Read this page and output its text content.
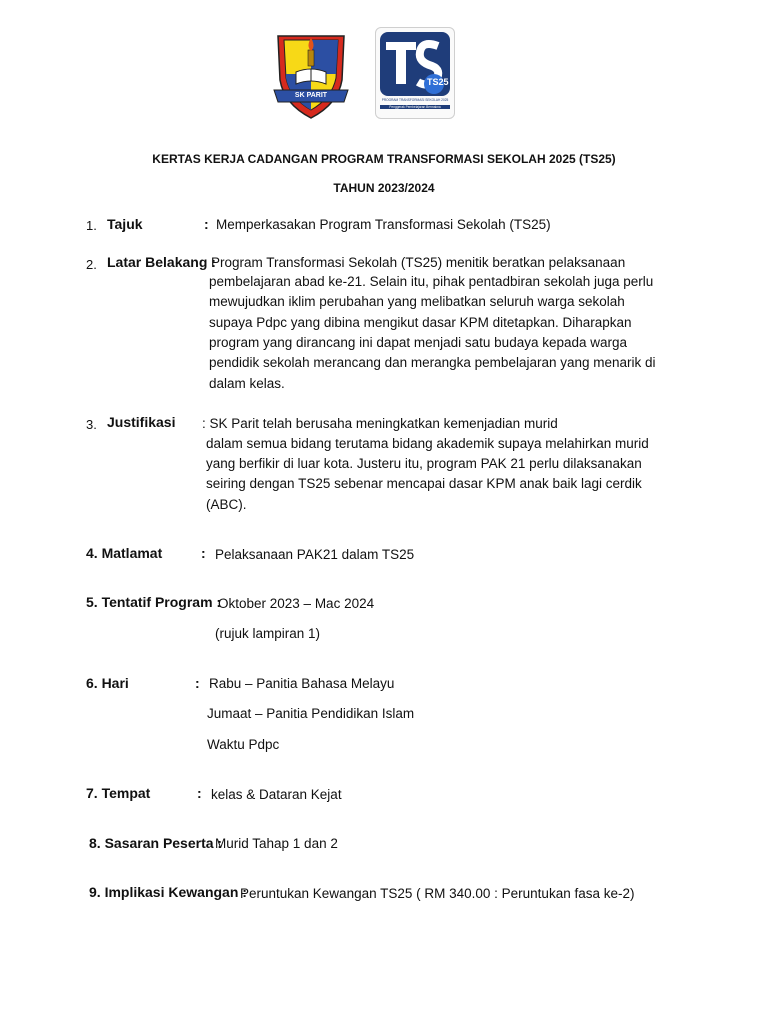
SK PARIT
TS25
PROGRAM TRANSFORMASI SEKOLAH 2025
Penggerak Pembelajaran Bermakna
KERTAS KERJA CADANGAN PROGRAM TRANSFORMASI SEKOLAH 2025 (TS25)
TAHUN 2023/2024
1. Tajuk	: Memperkasakan Program Transformasi Sekolah (TS25)
2. Latar Belakang :
Program Transformasi Sekolah (TS25) menitik beratkan pelaksanaan
pembelajaran abad ke-21. Selain itu, pihak pentadbiran sekolah juga perlu
mewujudkan iklim perubahan yang melibatkan seluruh warga sekolah
supaya Pdpc yang dibina mengikut dasar KPM ditetapkan. Diharapkan
program yang dirancang ini dapat menjadi satu budaya kepada warga
pendidik sekolah merancang dan merangka pembelajaran yang menarik di
dalam kelas.
3. Justifikasi : SK Parit telah berusaha meningkatkan kemenjadian murid
dalam semua bidang terutama bidang akademik supaya melahirkan murid
yang berfikir di luar kota. Justeru itu, program PAK 21 perlu dilaksanakan
seiring dengan TS25 sebenar mencapai dasar KPM anak baik lagi cerdik
(ABC).
4. Matlamat	: Pelaksanaan PAK21 dalam TS25
5. Tentatif Program :
Oktober 2023 – Mac 2024
(rujuk lampiran 1)
6. Hari	: Rabu – Panitia Bahasa Melayu
Jumaat – Panitia Pendidikan Islam
Waktu Pdpc
7. Tempat	: kelas & Dataran Kejat
8. Sasaran Peserta :
Murid Tahap 1 dan 2
9. Implikasi Kewangan :
Peruntukan Kewangan TS25 ( RM 340.00 : Peruntukan fasa ke-2)
